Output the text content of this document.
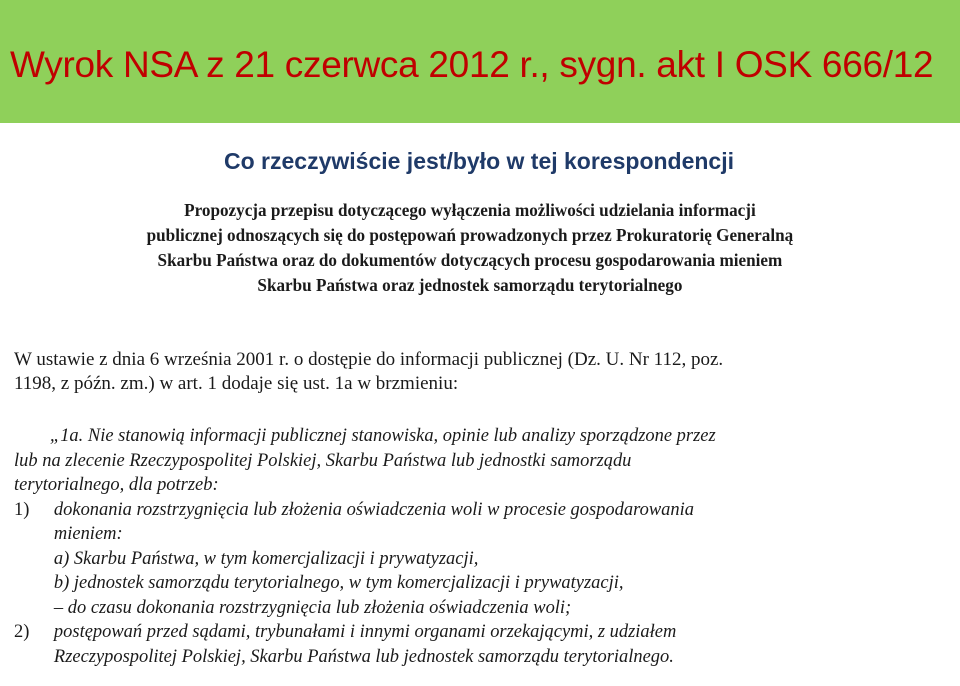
Wyrok NSA z 21 czerwca 2012 r., sygn. akt I OSK 666/12
Co rzeczywiście jest/było w tej korespondencji

Propozycja przepisu dotyczącego wyłączenia możliwości udzielania informacji
publicznej odnoszących się do postępowań prowadzonych przez Prokuratorię Generalną
Skarbu Państwa oraz do dokumentów dotyczących procesu gospodarowania mieniem
Skarbu Państwa oraz jednostek samorządu terytorialnego

W ustawie z dnia 6 września 2001 r. o dostępie do informacji publicznej (Dz. U. Nr 112, poz.
1198, z późn. zm.) w art. 1 dodaje się ust. 1a w brzmieniu:

„1a. Nie stanowią informacji publicznej stanowiska, opinie lub analizy sporządzone przez
lub na zlecenie Rzeczypospolitej Polskiej, Skarbu Państwa lub jednostki samorządu
terytorialnego, dla potrzeb:
1) dokonania rozstrzygnięcia lub złożenia oświadczenia woli w procesie gospodarowania
mieniem:
a) Skarbu Państwa, w tym komercjalizacji i prywatyzacji,
b) jednostek samorządu terytorialnego, w tym komercjalizacji i prywatyzacji,
– do czasu dokonania rozstrzygnięcia lub złożenia oświadczenia woli;
2) postępowań przed sądami, trybunałami i innymi organami orzekającymi, z udziałem
Rzeczypospolitej Polskiej, Skarbu Państwa lub jednostek samorządu terytorialnego.
